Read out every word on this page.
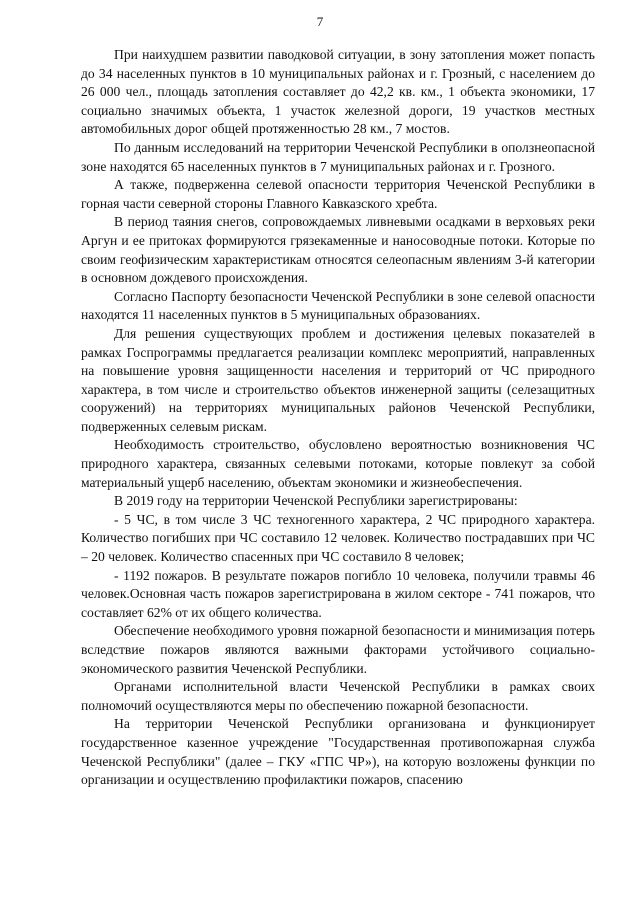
7

При наихудшем развитии паводковой ситуации, в зону затопления может попасть до 34 населенных пунктов в 10 муниципальных районах и г. Грозный, с населением до 26 000 чел., площадь затопления составляет до 42,2 кв. км., 1 объекта экономики, 17 социально значимых объекта, 1 участок железной дороги, 19 участков местных автомобильных дорог общей протяженностью 28 км., 7 мостов.

По данным исследований на территории Чеченской Республики в оползнеопасной зоне находятся 65 населенных пунктов в 7 муниципальных районах и г. Грозного.

А также, подверженна селевой опасности территория Чеченской Республики в горная части северной стороны Главного Кавказского хребта.

В период таяния снегов, сопровождаемых ливневыми осадками в верховьях реки Аргун и ее притоках формируются грязекаменные и наносоводные потоки. Которые по своим геофизическим характеристикам относятся селеопасным явлениям 3-й категории в основном дождевого происхождения.

Согласно Паспорту безопасности Чеченской Республики в зоне селевой опасности находятся 11 населенных пунктов в 5 муниципальных образованиях.

Для решения существующих проблем и достижения целевых показателей в рамках Госпрограммы предлагается реализации комплекс мероприятий, направленных на повышение уровня защищенности населения и территорий от ЧС природного характера, в том числе и строительство объектов инженерной защиты (селезащитных сооружений) на территориях муниципальных районов Чеченской Республики, подверженных селевым рискам.

Необходимость строительство, обусловлено вероятностью возникновения ЧС природного характера, связанных селевыми потоками, которые повлекут за собой материальный ущерб населению, объектам экономики и жизнеобеспечения.

В 2019 году на территории Чеченской Республики зарегистрированы:

- 5 ЧС, в том числе 3 ЧС техногенного характера, 2 ЧС природного характера. Количество погибших при ЧС составило 12 человек. Количество пострадавших при ЧС – 20 человек. Количество спасенных при ЧС составило 8 человек;

- 1192 пожаров. В результате пожаров погибло 10 человека, получили травмы 46 человек.Основная часть пожаров зарегистрирована в жилом секторе - 741 пожаров, что составляет 62% от их общего количества.

Обеспечение необходимого уровня пожарной безопасности и минимизация потерь вследствие пожаров являются важными факторами устойчивого социально-экономического развития Чеченской Республики.

Органами исполнительной власти Чеченской Республики в рамках своих полномочий осуществляются меры по обеспечению пожарной безопасности.

На территории Чеченской Республики организована и функционирует государственное казенное учреждение "Государственная противопожарная служба Чеченской Республики" (далее – ГКУ «ГПС ЧР»), на которую возложены функции по организации и осуществлению профилактики пожаров, спасению
